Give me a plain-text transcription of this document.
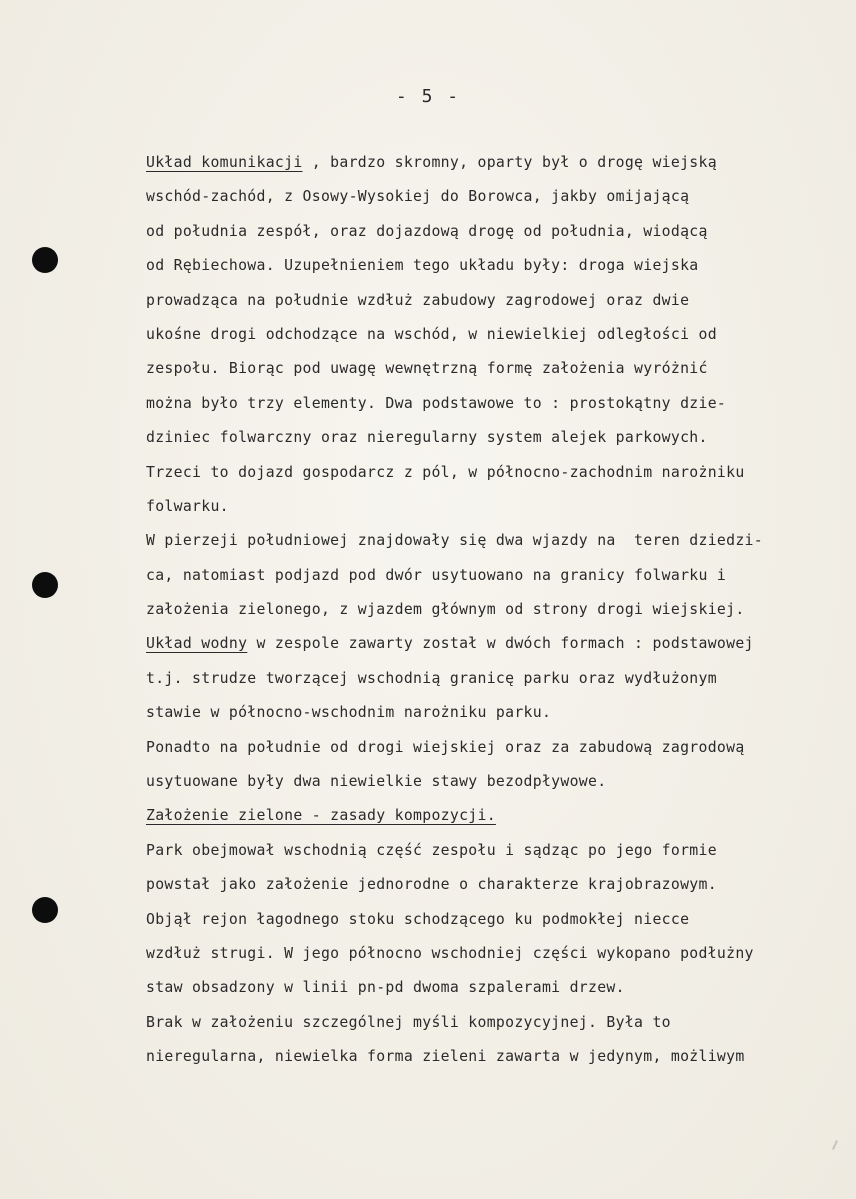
- 5 -
Układ komunikacji , bardzo skromny, oparty był o drogę wiejską
wschód-zachód, z Osowy-Wysokiej do Borowca, jakby omijającą
od południa zespół, oraz dojazdową drogę od południa, wiodącą
od Rębiechowa. Uzupełnieniem tego układu były: droga wiejska
prowadząca na południe wzdłuż zabudowy zagrodowej oraz dwie
ukośne drogi odchodzące na wschód, w niewielkiej odległości od
zespołu. Biorąc pod uwagę wewnętrzną formę założenia wyróżnić
można było trzy elementy. Dwa podstawowe to : prostokątny dzie-
dziniec folwarczny oraz nieregularny system alejek parkowych.
Trzeci to dojazd gospodarcz z pól, w północno-zachodnim narożniku
folwarku.
W pierzeji południowej znajdowały się dwa wjazdy na  teren dziedzi-
ca, natomiast podjazd pod dwór usytuowano na granicy folwarku i
założenia zielonego, z wjazdem głównym od strony drogi wiejskiej.
Układ wodny w zespole zawarty został w dwóch formach : podstawowej
t.j. strudze tworzącej wschodnią granicę parku oraz wydłużonym
stawie w północno-wschodnim narożniku parku.
Ponadto na południe od drogi wiejskiej oraz za zabudową zagrodową
usytuowane były dwa niewielkie stawy bezodpływowe.
Założenie zielone - zasady kompozycji.
Park obejmował wschodnią część zespołu i sądząc po jego formie
powstał jako założenie jednorodne o charakterze krajobrazowym.
Objął rejon łagodnego stoku schodzącego ku podmokłej niecce
wzdłuż strugi. W jego północno wschodniej części wykopano podłużny
staw obsadzony w linii pn-pd dwoma szpalerami drzew.
Brak w założeniu szczególnej myśli kompozycyjnej. Była to
nieregularna, niewielka forma zieleni zawarta w jedynym, możliwym
